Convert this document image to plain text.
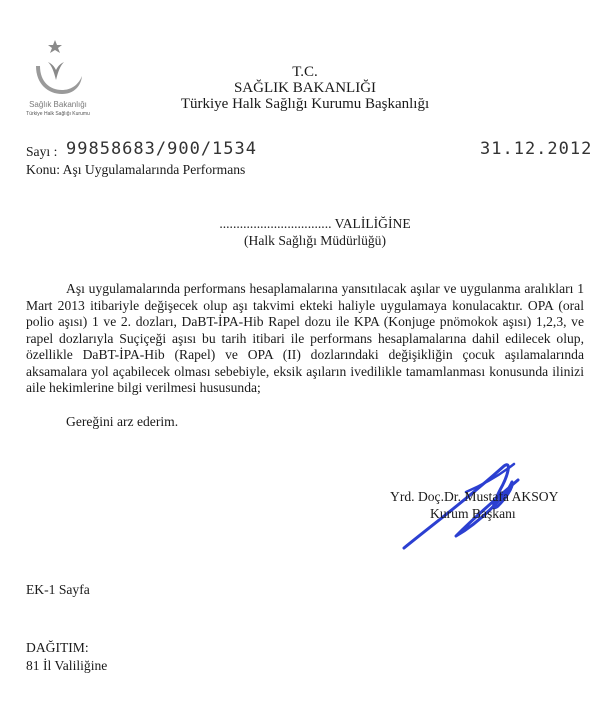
Sağlık Bakanlığı
Türkiye Halk Sağlığı Kurumu
T.C.
SAĞLIK BAKANLIĞI
Türkiye Halk Sağlığı Kurumu Başkanlığı
Sayı : 99858683/900/1534	31.12.2012
Konu: Aşı Uygulamalarında Performans
................................. VALİLİĞİNE
(Halk Sağlığı Müdürlüğü)

Aşı uygulamalarında performans hesaplamalarına yansıtılacak aşılar ve uygulanma aralıkları 1 Mart 2013 itibariyle değişecek olup aşı takvimi ekteki haliyle uygulamaya konulacaktır. OPA (oral polio aşısı) 1 ve 2. dozları, DaBT-İPA-Hib Rapel dozu ile KPA (Konjuge pnömokok aşısı) 1,2,3, ve rapel dozlarıyla Suçiçeği aşısı bu tarih itibari ile performans hesaplamalarına dahil edilecek olup, özellikle DaBT-İPA-Hib (Rapel) ve OPA (II) dozlarındaki değişikliğin çocuk aşılamalarında aksamalara yol açabilecek olması sebebiyle, eksik aşıların ivedilikle tamamlanması konusunda ilinizi aile hekimlerine bilgi verilmesi hususunda;

Gereğini arz ederim.
Yrd. Doç.Dr. Mustafa AKSOY
Kurum Başkanı
EK-1 Sayfa
DAĞITIM:
81 İl Valiliğine
